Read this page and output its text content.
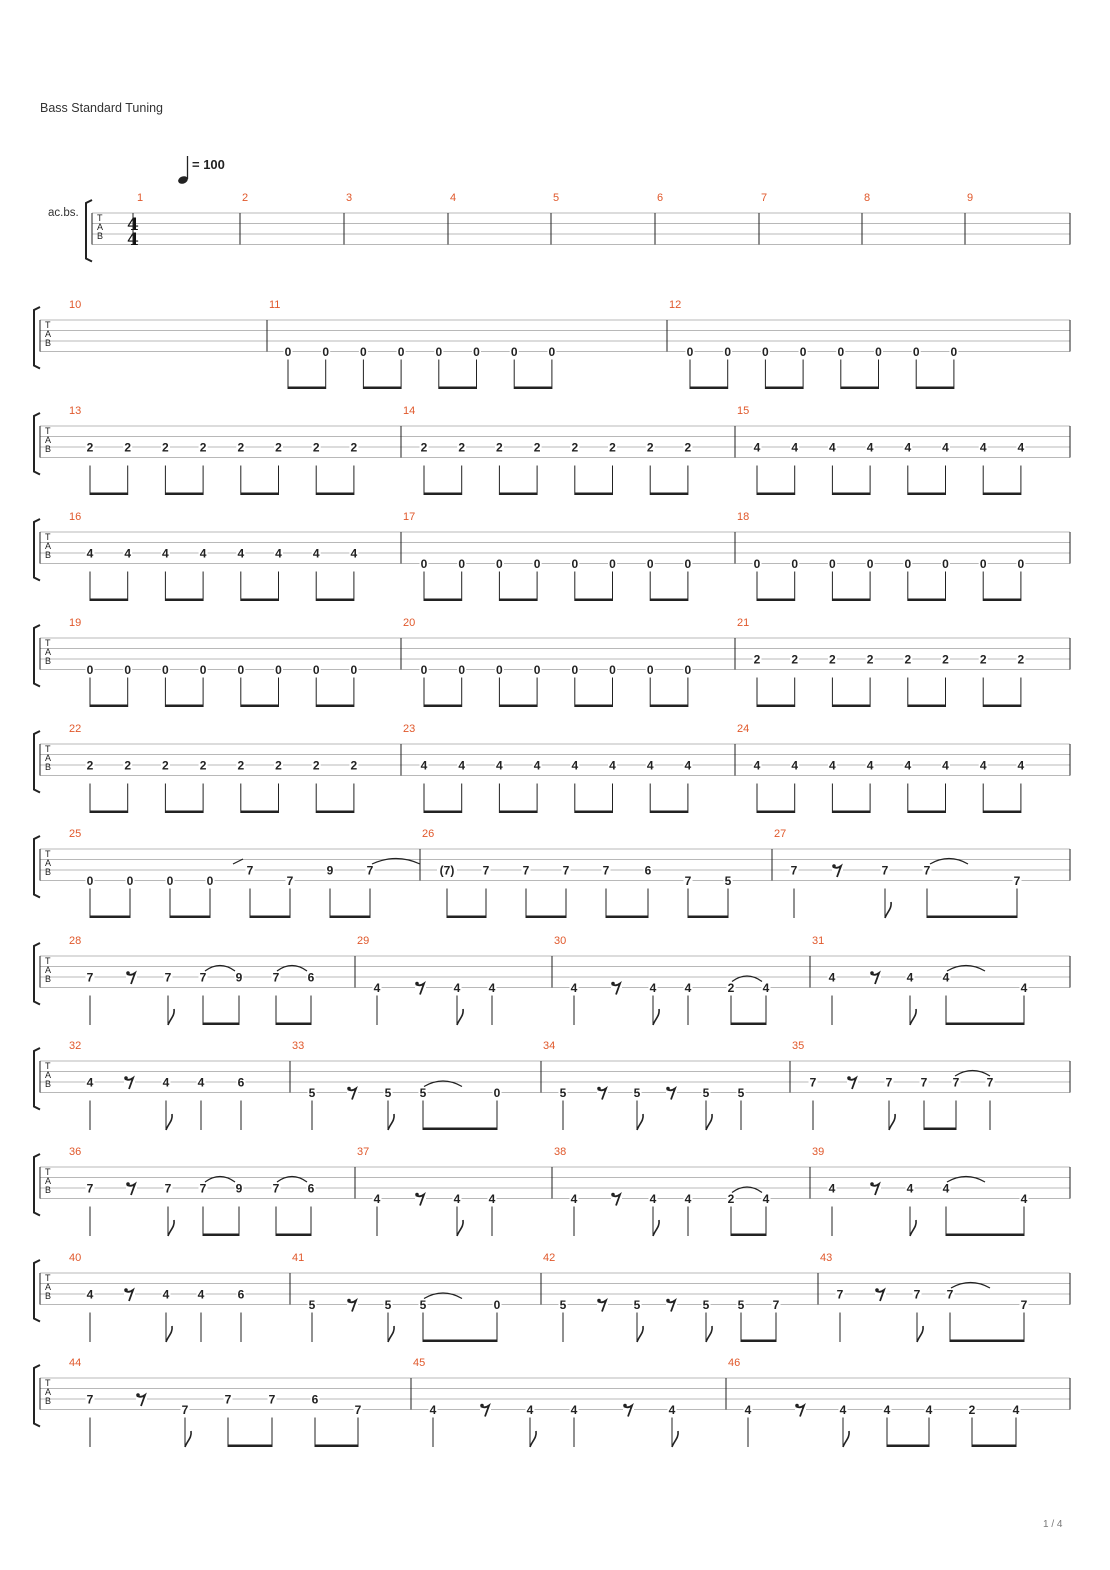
Bass Standard Tuning
= 100
ac.bs. T
A
B
4
4
1	2	3	4	5	6	7	8	9
T
A
B
10	11	12
0	0	0	0	0	0	0	0	0	0	0	0	0	0	0	0
T
A
B
13	14	15
2	2	2	2	2	2	2	2	2	2	2	2	2	2	2	2	4	4	4	4	4	4	4	4
T
A
B
16	17	18
4	4	4	4	4	4	4	4
0	0	0	0	0	0	0	0	0	0	0	0	0	0	0	0
T
A
B
19	20	21
0	0	0	0	0	0	0	0	0	0	0	0	0	0	0	0
2	2	2	2	2	2	2	2
T
A
B
22	23	24
2	2	2	2	2	2	2	2	4	4	4	4	4	4	4	4	4	4	4	4	4	4	4	4
T
A
B
25	26	27
0	0	0	0
7
7
9	7	(7) 7	7	7	7	6
7	5
7	7	7
7
T
A
B
28	29	30	31
7	7 7 9	7 6
4	4 4	4	4 4	2 4
4	4 4
4
T
A
B
32	33	34	35
4	4 4	6
5	5 5	0	5	5	5 5
7	7 7 7 7
T
A
B
36	37	38	39
7	7 7 9	7 6
4	4 4	4	4 4	2 4
4	4 4
4
T
A
B
40	41	42	43
4	4 4	6
5	5 5	0	5	5	5 5 7
7	7 7
7
T
A
B
44	45	46
7
7
7	7	6
7	4	4	4	4	4	4	4	4	2	4
1 / 4
